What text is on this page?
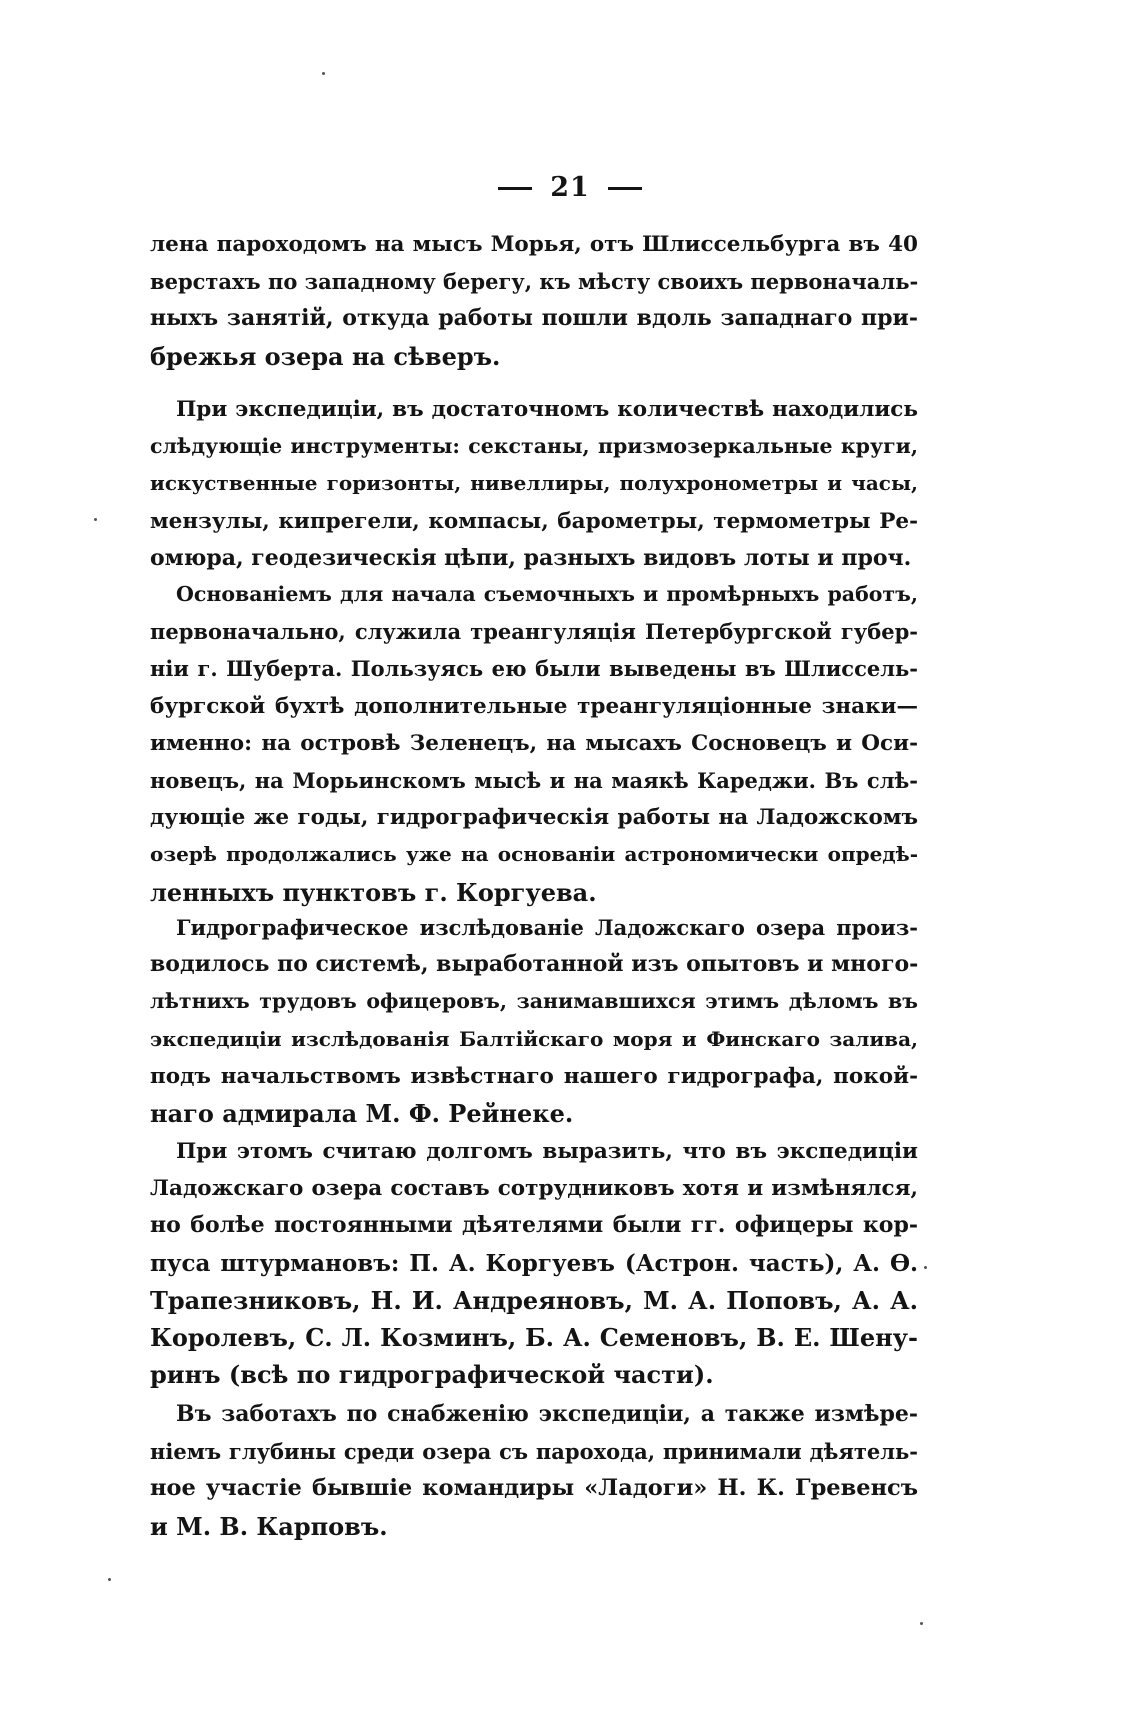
21
лена пароходомъ на мысъ Морья, отъ Шлиссельбурга въ 40
верстахъ по западному берегу, къ мѣсту своихъ первоначаль-
ныхъ занятій, откуда работы пошли вдоль западнаго при-
брежья озера на сѣверъ.
При экспедиціи, въ достаточномъ количествѣ находились
слѣдующіе инструменты: секстаны, призмозеркальные круги,
искуственные горизонты, нивеллиры, полухронометры и часы,
мензулы, кипрегели, компасы, барометры, термометры Ре-
омюра, геодезическія цѣпи, разныхъ видовъ лоты и проч.
Основаніемъ для начала съемочныхъ и промѣрныхъ работъ,
первоначально, служила треангуляція Петербургской губер-
ніи г. Шуберта. Пользуясь ею были выведены въ Шлиссель-
бургской бухтѣ дополнительные треангуляціонные знаки—
именно: на островѣ Зеленецъ, на мысахъ Сосновецъ и Оси-
новецъ, на Морьинскомъ мысѣ и на маякѣ Кареджи. Въ слѣ-
дующіе же годы, гидрографическія работы на Ладожскомъ
озерѣ продолжались уже на основаніи астрономически опредѣ-
ленныхъ пунктовъ г. Коргуева.
Гидрографическое изслѣдованіе Ладожскаго озера произ-
водилось по системѣ, выработанной изъ опытовъ и много-
лѣтнихъ трудовъ офицеровъ, занимавшихся этимъ дѣломъ въ
экспедиціи изслѣдованія Балтійскаго моря и Финскаго залива,
подъ начальствомъ извѣстнаго нашего гидрографа, покой-
наго адмирала М. Ф. Рейнеке.
При этомъ считаю долгомъ выразить, что въ экспедиціи
Ладожскаго озера составъ сотрудниковъ хотя и измѣнялся,
но болѣе постоянными дѣятелями были гг. офицеры кор-
пуса штурмановъ: П. А. Коргуевъ (Астрон. часть), А. Ѳ.
Трапезниковъ, Н. И. Андреяновъ, М. А. Поповъ, А. А.
Королевъ, С. Л. Козминъ, Б. А. Семеновъ, В. Е. Шену-
ринъ (всѣ по гидрографической части).
Въ заботахъ по снабженію экспедиціи, а также измѣре-
ніемъ глубины среди озера съ парохода, принимали дѣятель-
ное участіе бывшіе командиры «Ладоги» Н. К. Гревенсъ
и М. В. Карповъ.
